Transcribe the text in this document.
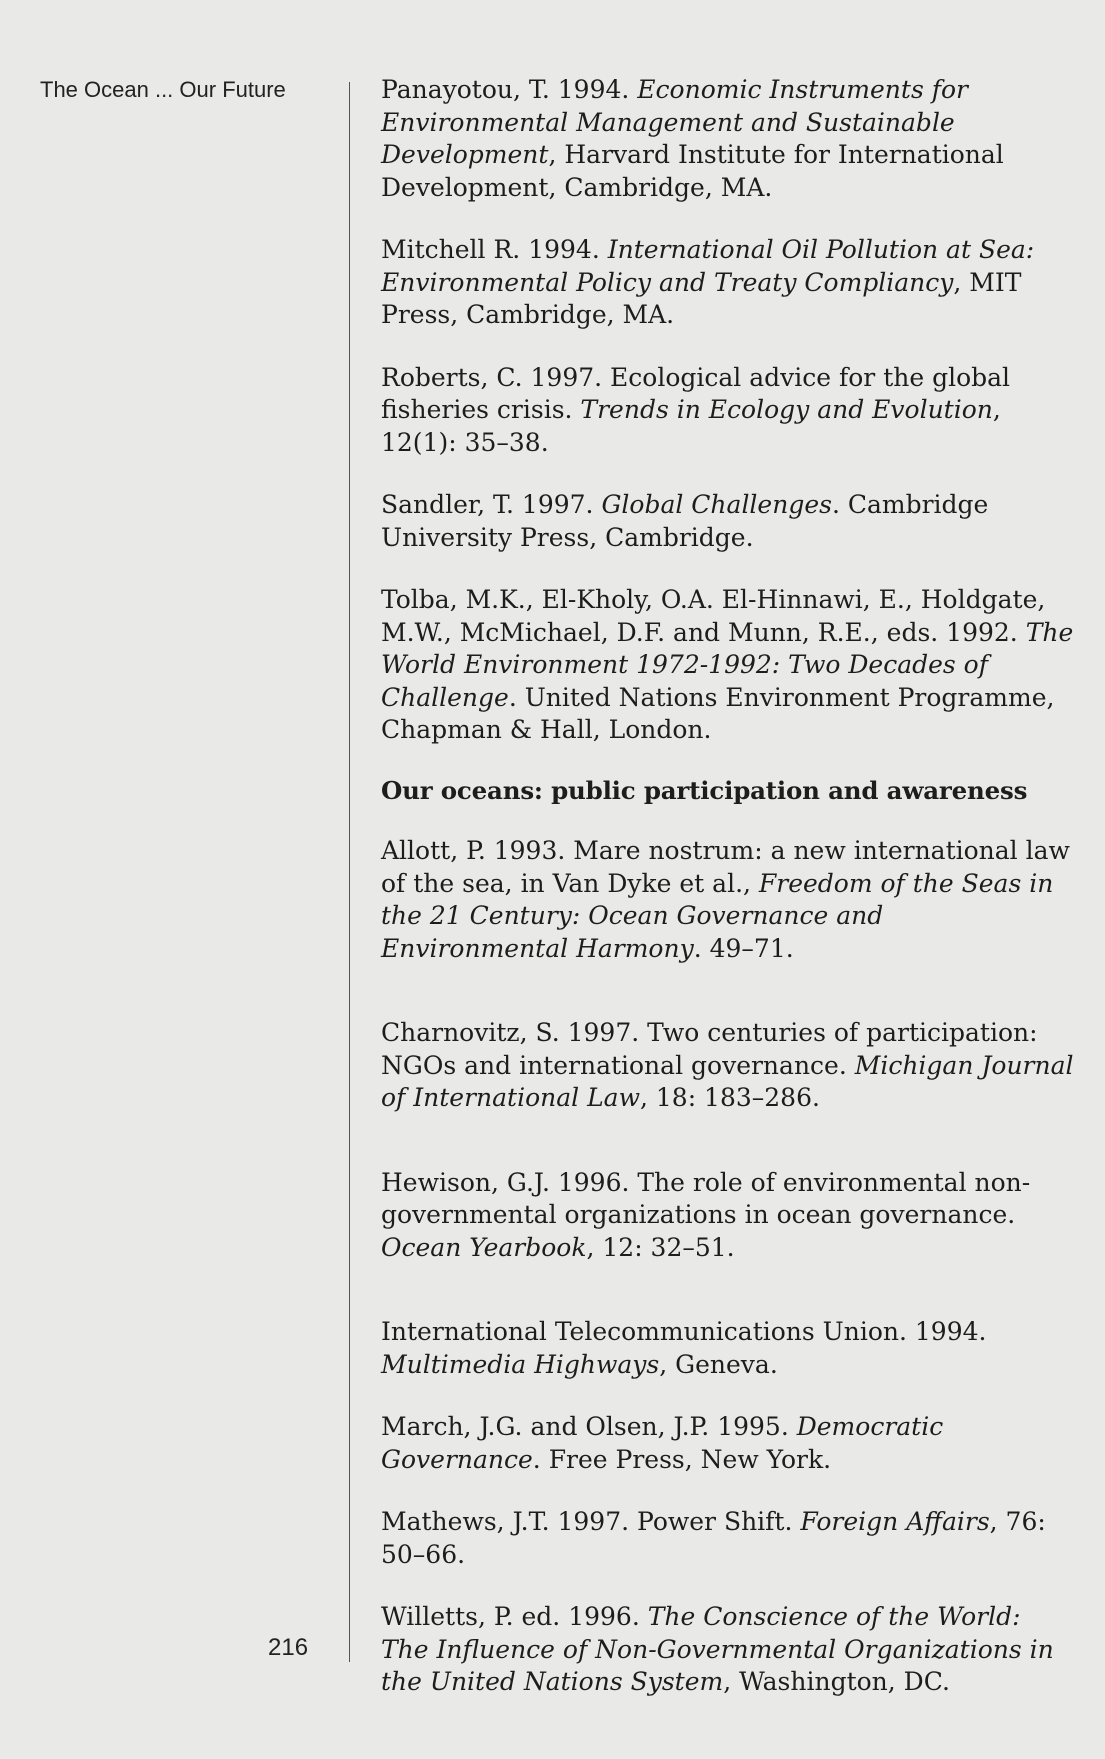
The Ocean ... Our Future
216

Panayotou, T. 1994. Economic Instruments for Environmental Management and Sustainable Development, Harvard Institute for International Development, Cambridge, MA.

Mitchell R. 1994. International Oil Pollution at Sea: Environmental Policy and Treaty Compliancy, MIT Press, Cambridge, MA.

Roberts, C. 1997. Ecological advice for the global fisheries crisis. Trends in Ecology and Evolution, 12(1): 35–38.

Sandler, T. 1997. Global Challenges. Cambridge University Press, Cambridge.

Tolba, M.K., El-Kholy, O.A. El-Hinnawi, E., Holdgate, M.W., McMichael, D.F. and Munn, R.E., eds. 1992. The World Environment 1972-1992: Two Decades of Challenge. United Nations Environment Programme, Chapman & Hall, London.

Our oceans: public participation and awareness

Allott, P. 1993. Mare nostrum: a new international law of the sea, in Van Dyke et al., Freedom of the Seas in the 21 Century: Ocean Governance and Environmental Harmony. 49–71.

Charnovitz, S. 1997. Two centuries of participation: NGOs and international governance. Michigan Journal of International Law, 18: 183–286.

Hewison, G.J. 1996. The role of environmental non-governmental organizations in ocean governance. Ocean Yearbook, 12: 32–51.

International Telecommunications Union. 1994. Multimedia Highways, Geneva.

March, J.G. and Olsen, J.P. 1995. Democratic Governance. Free Press, New York.

Mathews, J.T. 1997. Power Shift. Foreign Affairs, 76: 50–66.

Willetts, P. ed. 1996. The Conscience of the World: The Influence of Non-Governmental Organizations in the United Nations System, Washington, DC.
